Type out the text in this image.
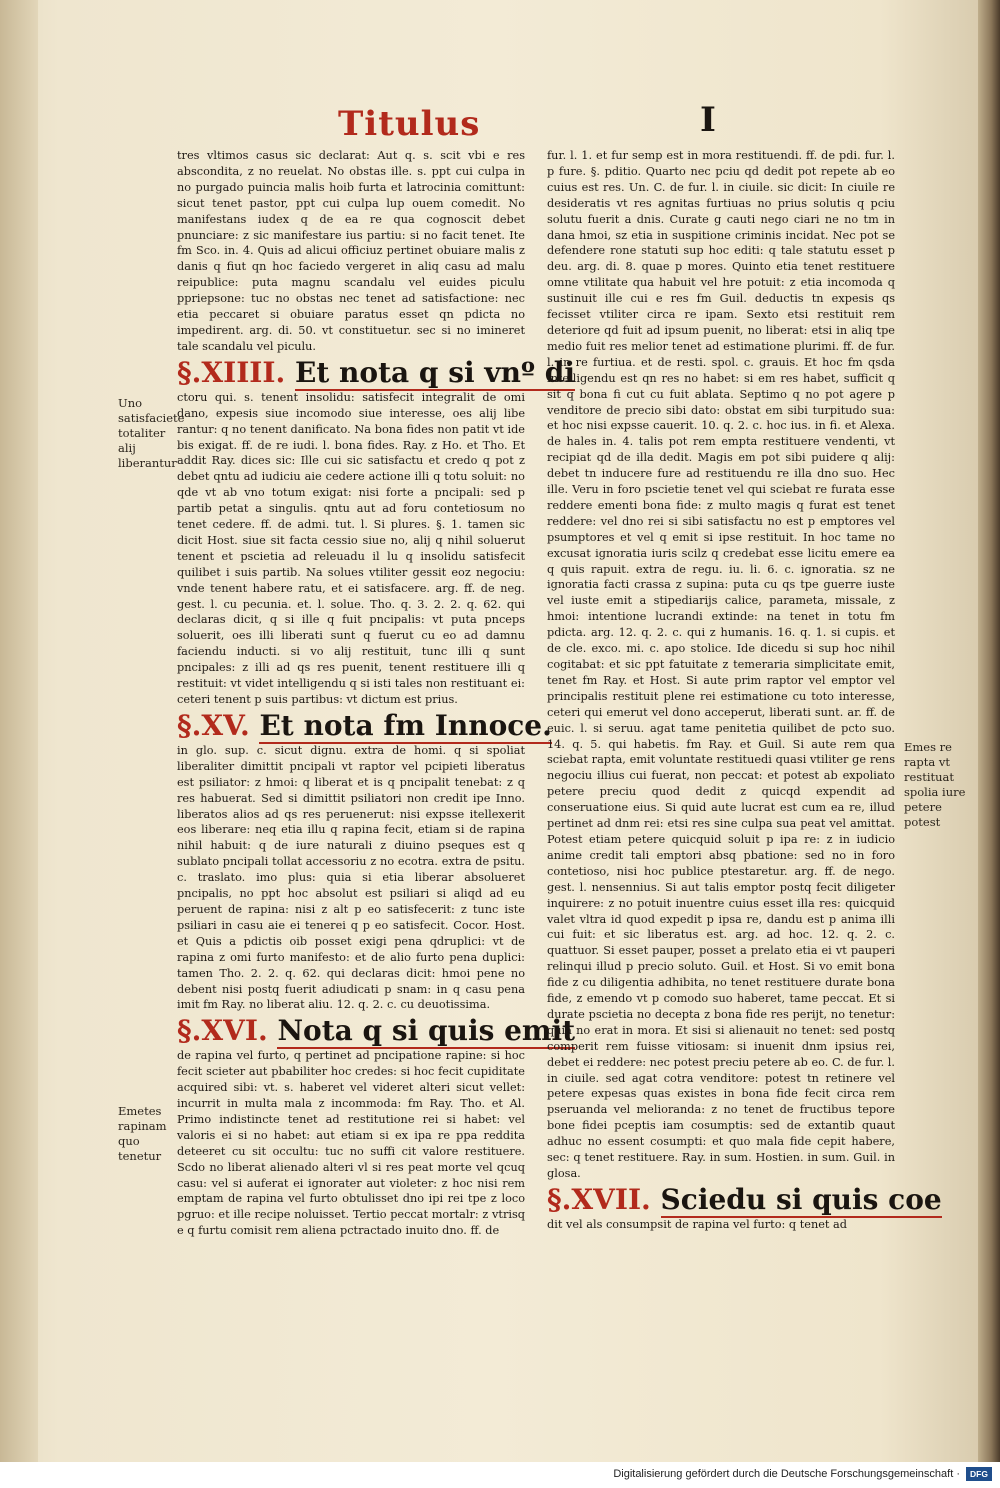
Titulus	I

tres vltimos casus sic declarat: Aut q. s. scit vbi e res abscondita, z no reuelat. No obstas ille. s. ppt cui culpa in no purgado puincia malis hoib furta et latrocinia comittunt: sicut tenet pastor, ppt cui culpa lup ouem comedit. No manifestans iudex q de ea re qua cognoscit debet pnunciare: z sic manifestare ius partiu: si no facit tenet. Ite fm Sco. in. 4. Quis ad alicui officiuz pertinet obuiare malis z danis q fiut qn hoc faciedo vergeret in aliq casu ad malu reipublice: puta magnu scandalu vel euides piculu ppriepsone: tuc no obstas nec tenet ad satisfactione: nec etia peccaret si obuiare paratus esset qn pdicta no impedirent. arg. di. 50. vt constituetur. sec si no imineret tale scandalu vel piculu.

§.XIIII. Et nota q si vnº di

ctoru qui. s. tenent insolidu: satisfecit integralit de omi dano, expesis siue incomodo siue interesse, oes alij libe rantur: q no tenent danificato. Na bona fides non patit vt ide bis exigat. ff. de re iudi. l. bona fides. Ray. z Ho. et Tho. Et addit Ray. dices sic: Ille cui sic satisfactu et credo q pot z debet qntu ad iudiciu aie cedere actione illi q totu soluit: no qde vt ab vno totum exigat: nisi forte a pncipali: sed p partib petat a singulis. qntu aut ad foru contetiosum no tenet cedere. ff. de admi. tut. l. Si plures. §. 1. tamen sic dicit Host. siue sit facta cessio siue no, alij q nihil soluerut tenent et pscietia ad releuadu il lu q insolidu satisfecit quilibet i suis partib. Na solues vtiliter gessit eoz negociu: vnde tenent habere ratu, et ei satisfacere. arg. ff. de neg. gest. l. cu pecunia. et. l. solue. Tho. q. 3. 2. 2. q. 62. qui declaras dicit, q si ille q fuit pncipalis: vt puta pnceps soluerit, oes illi liberati sunt q fuerut cu eo ad damnu faciendu inducti. si vo alij restituit, tunc illi q sunt pncipales: z illi ad qs res puenit, tenent restituere illi q restituit: vt videt intelligendu q si isti tales non restituant ei: ceteri tenent p suis partibus: vt dictum est prius.

§.XV. Et nota fm Innoce.

in glo. sup. c. sicut dignu. extra de homi. q si spoliat liberaliter dimittit pncipali vt raptor vel pcipieti liberatus est psiliator: z hmoi: q liberat et is q pncipalit tenebat: z q res habuerat. Sed si dimittit psiliatori non credit ipe Inno. liberatos alios ad qs res peruenerut: nisi expsse itellexerit eos liberare: neq etia illu q rapina fecit, etiam si de rapina nihil habuit: q de iure naturali z diuino pseques est q sublato pncipali tollat accessoriu z no ecotra. extra de psitu. c. traslato. imo plus: quia si etia liberar absolueret pncipalis, no ppt hoc absolut est psiliari si aliqd ad eu peruent de rapina: nisi z alt p eo satisfecerit: z tunc iste psiliari in casu aie ei tenerei q p eo satisfecit. Cocor. Host. et Quis a pdictis oib posset exigi pena qdruplici: vt de rapina z omi furto manifesto: et de alio furto pena duplici: tamen Tho. 2. 2. q. 62. qui declaras dicit: hmoi pene no debent nisi postq fuerit adiudicati p snam: in q casu pena imit fm Ray. no liberat aliu. 12. q. 2. c. cu deuotissima.

§.XVI. Nota q si quis emit

de rapina vel furto, q pertinet ad pncipatione rapine: si hoc fecit scieter aut pbabiliter hoc credes: si hoc fecit cupiditate acquired sibi: vt. s. haberet vel videret alteri sicut vellet: incurrit in multa mala z incommoda: fm Ray. Tho. et Al. Primo indistincte tenet ad restitutione rei si habet: vel valoris ei si no habet: aut etiam si ex ipa re ppa reddita deteeret cu sit occultu: tuc no suffi cit valore restituere. Scdo no liberat alienado alteri vl si res peat morte vel qcuq casu: vel si auferat ei ignorater aut violeter: z hoc nisi rem emptam de rapina vel furto obtulisset dno ipi rei tpe z loco pgruo: et ille recipe noluisset. Tertio peccat mortalr: z vtrisq e q furtu comisit rem aliena pctractado inuito dno. ff. de

fur. l. 1. et fur semp est in mora restituendi. ff. de pdi. fur. l. p fure. §. pditio. Quarto nec pciu qd dedit pot repete ab eo cuius est res. Un. C. de fur. l. in ciuile. sic dicit: In ciuile re desideratis vt res agnitas furtiuas no prius solutis q pciu solutu fuerit a dnis. Curate g cauti nego ciari ne no tm in dana hmoi, sz etia in suspitione criminis incidat. Nec pot se defendere rone statuti sup hoc editi: q tale statutu esset p deu. arg. di. 8. quae p mores. Quinto etia tenet restituere omne vtilitate qua habuit vel hre potuit: z etia incomoda q sustinuit ille cui e res fm Guil. deductis tn expesis qs fecisset vtiliter circa re ipam. Sexto etsi restituit rem deteriore qd fuit ad ipsum puenit, no liberat: etsi in aliq tpe medio fuit res melior tenet ad estimatione plurimi. ff. de fur. l. in re furtiua. et de resti. spol. c. grauis. Et hoc fm qsda intelligendu est qn res no habet: si em res habet, sufficit q sit q bona fi cut cu fuit ablata. Septimo q no pot agere p venditore de precio sibi dato: obstat em sibi turpitudo sua: et hoc nisi expsse cauerit. 10. q. 2. c. hoc ius. in fi. et Alexa. de hales in. 4. talis pot rem empta restituere vendenti, vt recipiat qd de illa dedit. Magis em pot sibi puidere q alij: debet tn inducere fure ad restituendu re illa dno suo. Hec ille. Veru in foro pscietie tenet vel qui sciebat re furata esse reddere ementi bona fide: z multo magis q furat est tenet reddere: vel dno rei si sibi satisfactu no est p emptores vel psumptores et vel q emit si ipse restituit. In hoc tame no excusat ignoratia iuris scilz q credebat esse licitu emere ea q quis rapuit. extra de regu. iu. li. 6. c. ignoratia. sz ne ignoratia facti crassa z supina: puta cu qs tpe guerre iuste vel iuste emit a stipediarijs calice, parameta, missale, z hmoi: intentione lucrandi extinde: na tenet in totu fm pdicta. arg. 12. q. 2. c. qui z humanis. 16. q. 1. si cupis. et de cle. exco. mi. c. apo stolice. Ide dicedu si sup hoc nihil cogitabat: et sic ppt fatuitate z temeraria simplicitate emit, tenet fm Ray. et Host. Si aute prim raptor vel emptor vel principalis restituit plene rei estimatione cu toto interesse, ceteri qui emerut vel dono acceperut, liberati sunt. ar. ff. de euic. l. si seruu. agat tame penitetia quilibet de pcto suo. 14. q. 5. qui habetis. fm Ray. et Guil. Si aute rem qua sciebat rapta, emit voluntate restituedi quasi vtiliter ge rens negociu illius cui fuerat, non peccat: et potest ab expoliato petere preciu quod dedit z quicqd expendit ad conseruatione eius. Si quid aute lucrat est cum ea re, illud pertinet ad dnm rei: etsi res sine culpa sua peat vel amittat. Potest etiam petere quicquid soluit p ipa re: z in iudicio anime credit tali emptori absq pbatione: sed no in foro contetioso, nisi hoc publice ptestaretur. arg. ff. de nego. gest. l. nensennius. Si aut talis emptor postq fecit diligeter inquirere: z no potuit inuentre cuius esset illa res: quicquid valet vltra id quod expedit p ipsa re, dandu est p anima illi cui fuit: et sic liberatus est. arg. ad hoc. 12. q. 2. c. quattuor. Si esset pauper, posset a prelato etia ei vt pauperi relinqui illud p precio soluto. Guil. et Host. Si vo emit bona fide z cu diligentia adhibita, no tenet restituere durate bona fide, z emendo vt p comodo suo haberet, tame peccat. Et si durate pscietia no decepta z bona fide res perijt, no tenetur: quia no erat in mora. Et sisi si alienauit no tenet: sed postq comperit rem fuisse vitiosam: si inuenit dnm ipsius rei, debet ei reddere: nec potest preciu petere ab eo. C. de fur. l. in ciuile. sed agat cotra venditore: potest tn retinere vel petere expesas quas existes in bona fide fecit circa rem pseruanda vel melioranda: z no tenet de fructibus tepore bone fidei pceptis iam cosumptis: sed de extantib quaut adhuc no essent cosumpti: et quo mala fide cepit habere, sec: q tenet restituere. Ray. in sum. Hostien. in sum. Guil. in glosa.

§.XVII. Sciedu si quis coe

dit vel als consumpsit de rapina vel furto: q tenet ad

Uno satisfaciete totaliter alij liberantur
Emetes rapinam quo tenetur
Emes re rapta vt restituat spolia iure petere potest
Digitalisierung gefördert durch die Deutsche Forschungsgemeinschaft ·	DFG
